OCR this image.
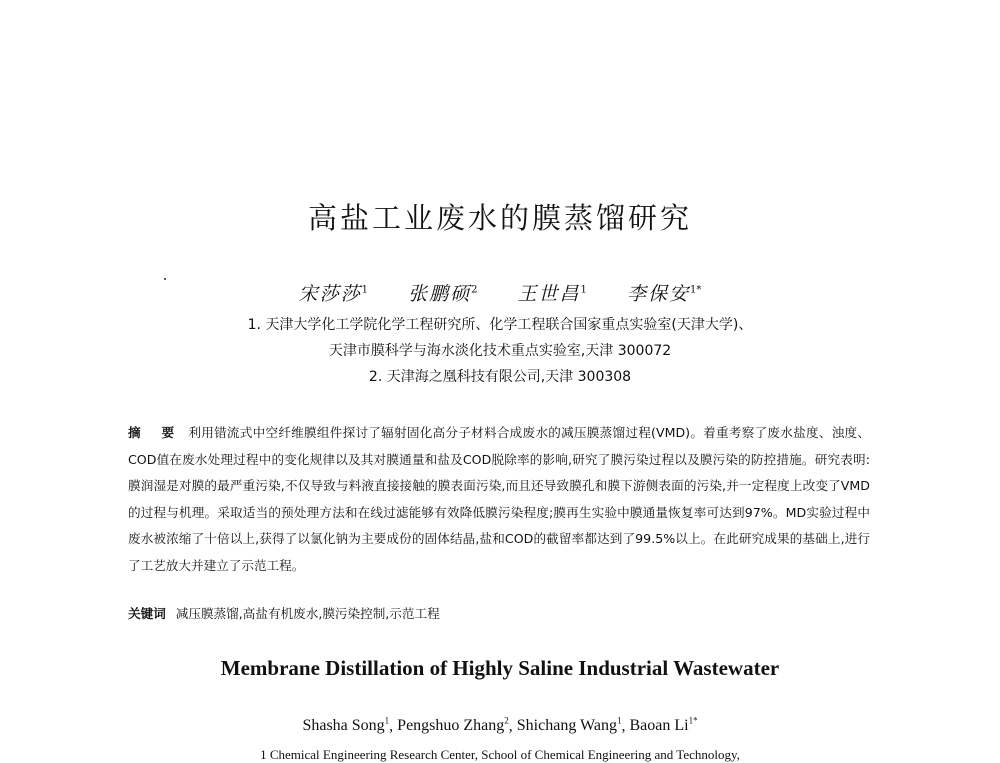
高盐工业废水的膜蒸馏研究
宋莎莎$^1$ 张鹏硕$^2$ 王世昌$^1$ 李保安$^{1*}$
1. 天津大学化工学院化学工程研究所、化学工程联合国家重点实验室(天津大学)、
天津市膜科学与海水淡化技术重点实验室,天津 300072
2. 天津海之凰科技有限公司,天津 300308
摘 要 利用错流式中空纤维膜组件探讨了辐射固化高分子材料合成废水的减压膜蒸馏过程(VMD)。着重考察了废水盐度、浊度、COD值在废水处理过程中的变化规律以及其对膜通量和盐及COD脱除率的影响,研究了膜污染过程以及膜污染的防控措施。研究表明:膜润湿是对膜的最严重污染,不仅导致与料液直接接触的膜表面污染,而且还导致膜孔和膜下游侧表面的污染,并一定程度上改变了VMD的过程与机理。采取适当的预处理方法和在线过滤能够有效降低膜污染程度;膜再生实验中膜通量恢复率可达到97%。MD实验过程中废水被浓缩了十倍以上,获得了以氯化钠为主要成份的固体结晶,盐和COD的截留率都达到了99.5%以上。在此研究成果的基础上,进行了工艺放大并建立了示范工程。
关键词 减压膜蒸馏,高盐有机废水,膜污染控制,示范工程
Membrane Distillation of Highly Saline Industrial Wastewater
Shasha Song$^1$, Pengshuo Zhang$^2$, Shichang Wang$^1$, Baoan $Li^{1*}$
1 Chemical Engineering Research Center, School of Chemical Engineering and Technology,
